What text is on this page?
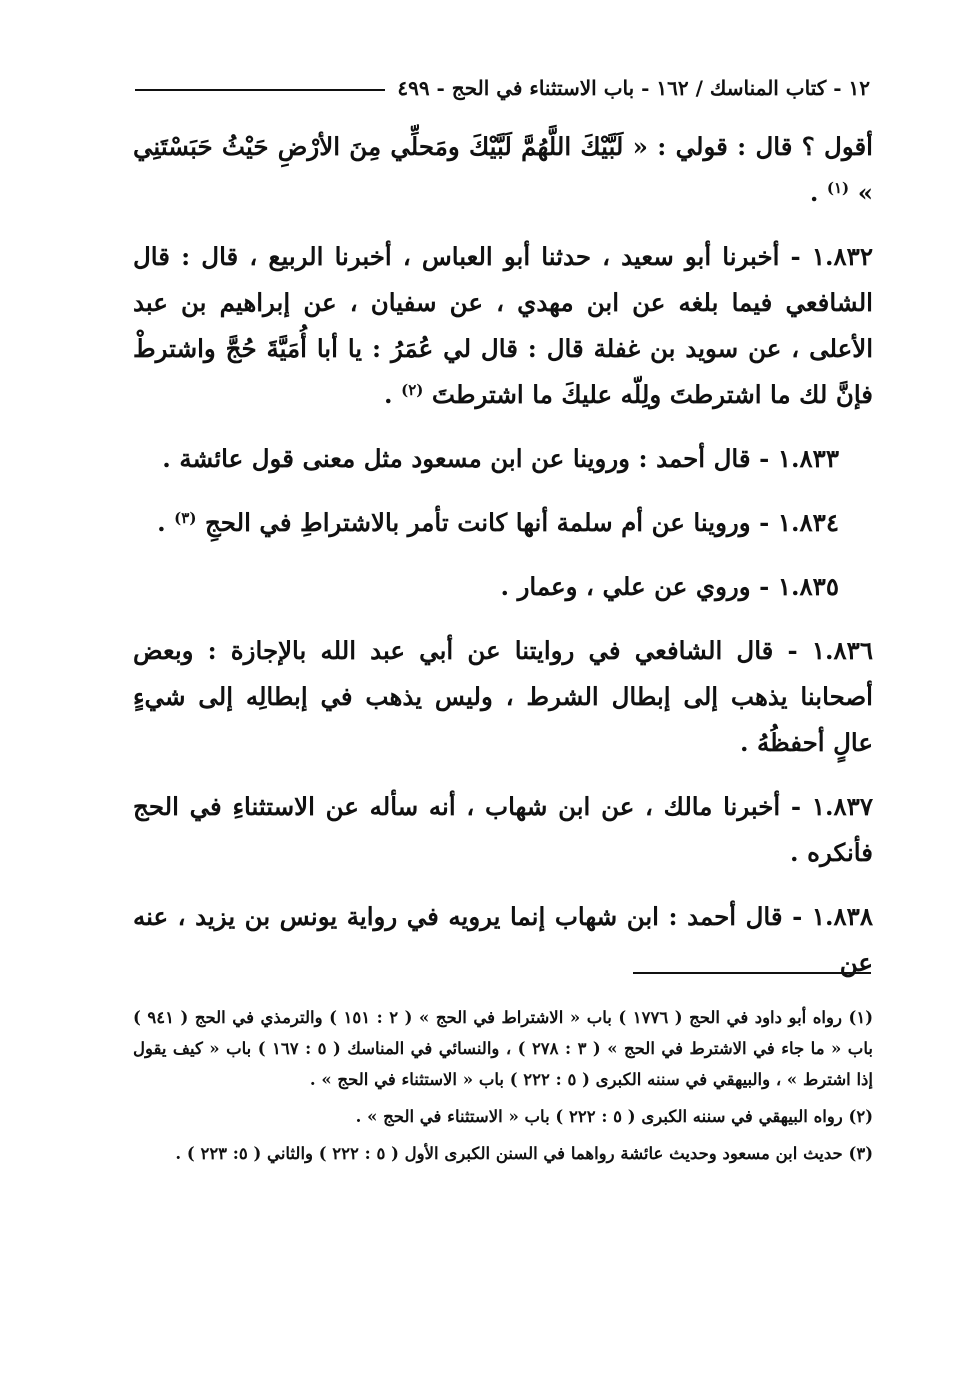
١٢ - كتاب المناسك / ١٦٢ - باب الاستثناء في الحج - ٤٩٩

أقول ؟ قال : قولي : « لَبَّيْكَ اللَّهُمَّ لَبَّيْكَ ومَحلِّي مِنَ الأرْضِ حَيْثُ حَبَسْتَنِي » $^{(١)}$ .

١.٨٣٢ - أخبرنا أبو سعيد ، حدثنا أبو العباس ، أخبرنا الربيع ، قال : قال الشافعي فيما بلغه عن ابن مهدي ، عن سفيان ، عن إبراهيم بن عبد الأعلى ، عن سويد بن غفلة قال : قال لي عُمَرُ : يا أبا أُمَيَّةَ حُجَّ واشترطْ فإنَّ لك ما اشترطتَ ولِلّه عليكَ ما اشترطتَ $^{(٢)}$ .

١.٨٣٣ - قال أحمد : وروينا عن ابن مسعود مثل معنى قول عائشة .

١.٨٣٤ - وروينا عن أم سلمة أنها كانت تأمر بالاشتراطِ في الحجِ $^{(٣)}$ .

١.٨٣٥ - وروي عن علي ، وعمار .

١.٨٣٦ - قال الشافعي في روايتنا عن أبي عبد الله بالإجازة : وبعض أصحابنا يذهب إلى إبطال الشرط ، وليس يذهب في إبطالِه إلى شيءٍ عالٍ أحفظُهُ .

١.٨٣٧ - أخبرنا مالك ، عن ابن شهاب ، أنه سأله عن الاستثناءِ في الحج فأنكره .

١.٨٣٨ - قال أحمد : ابن شهاب إنما يرويه في رواية يونس بن يزيد ، عنه عن

(١) رواه أبو داود في الحج ( ١٧٧٦ ) باب « الاشتراط في الحج » ( ٢ : ١٥١ ) والترمذي في الحج ( ٩٤١ ) باب « ما جاء في الاشترط في الحج » ( ٣ : ٢٧٨ ) ، والنسائي في المناسك ( ٥ : ١٦٧ ) باب « كيف يقول إذا اشترط » ، والبيهقي في سننه الكبرى ( ٥ : ٢٢٢ ) باب « الاستثناء في الحج » .

(٢) رواه البيهقي في سننه الكبرى ( ٥ : ٢٢٢ ) باب « الاستثناء في الحج » .

(٣) حديث ابن مسعود وحديث عائشة رواهما في السنن الكبرى الأول ( ٥ : ٢٢٢ ) والثاني ( ٥: ٢٢٣ ) .
